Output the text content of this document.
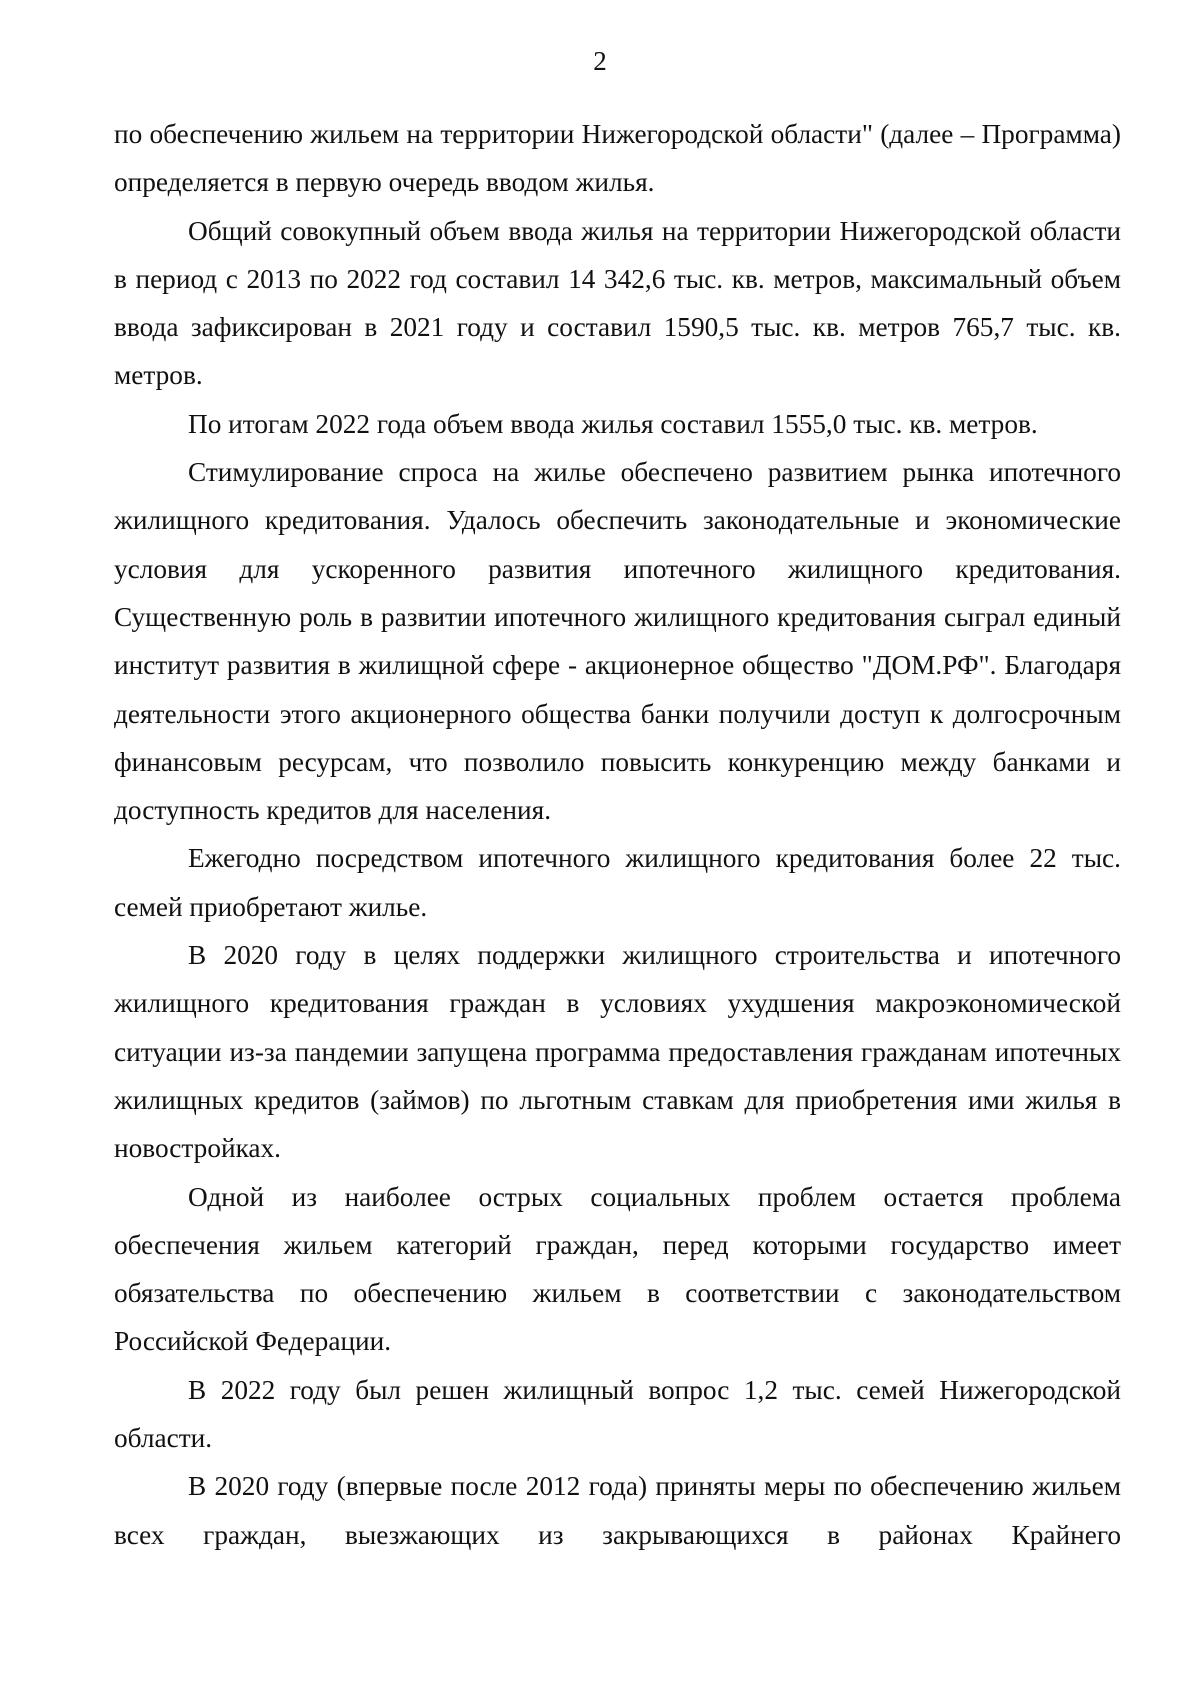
2

по обеспечению жильем на территории Нижегородской области" (далее – Программа) определяется в первую очередь вводом жилья.

Общий совокупный объем ввода жилья на территории Нижегородской области в период с 2013 по 2022 год составил 14 342,6 тыс. кв. метров, максимальный объем ввода зафиксирован в 2021 году и составил 1590,5 тыс. кв. метров 765,7 тыс. кв. метров.

По итогам 2022 года объем ввода жилья составил 1555,0 тыс. кв. метров.

Стимулирование спроса на жилье обеспечено развитием рынка ипотечного жилищного кредитования. Удалось обеспечить законодательные и экономические условия для ускоренного развития ипотечного жилищного кредитования. Существенную роль в развитии ипотечного жилищного кредитования сыграл единый институт развития в жилищной сфере - акционерное общество "ДОМ.РФ". Благодаря деятельности этого акционерного общества банки получили доступ к долгосрочным финансовым ресурсам, что позволило повысить конкуренцию между банками и доступность кредитов для населения.

Ежегодно посредством ипотечного жилищного кредитования более 22 тыс. семей приобретают жилье.

В 2020 году в целях поддержки жилищного строительства и ипотечного жилищного кредитования граждан в условиях ухудшения макроэкономической ситуации из-за пандемии запущена программа предоставления гражданам ипотечных жилищных кредитов (займов) по льготным ставкам для приобретения ими жилья в новостройках.

Одной из наиболее острых социальных проблем остается проблема обеспечения жильем категорий граждан, перед которыми государство имеет обязательства по обеспечению жильем в соответствии с законодательством Российской Федерации.

В 2022 году был решен жилищный вопрос 1,2 тыс. семей Нижегородской области.

В 2020 году (впервые после 2012 года) приняты меры по обеспечению жильем всех граждан, выезжающих из закрывающихся в районах Крайнего
